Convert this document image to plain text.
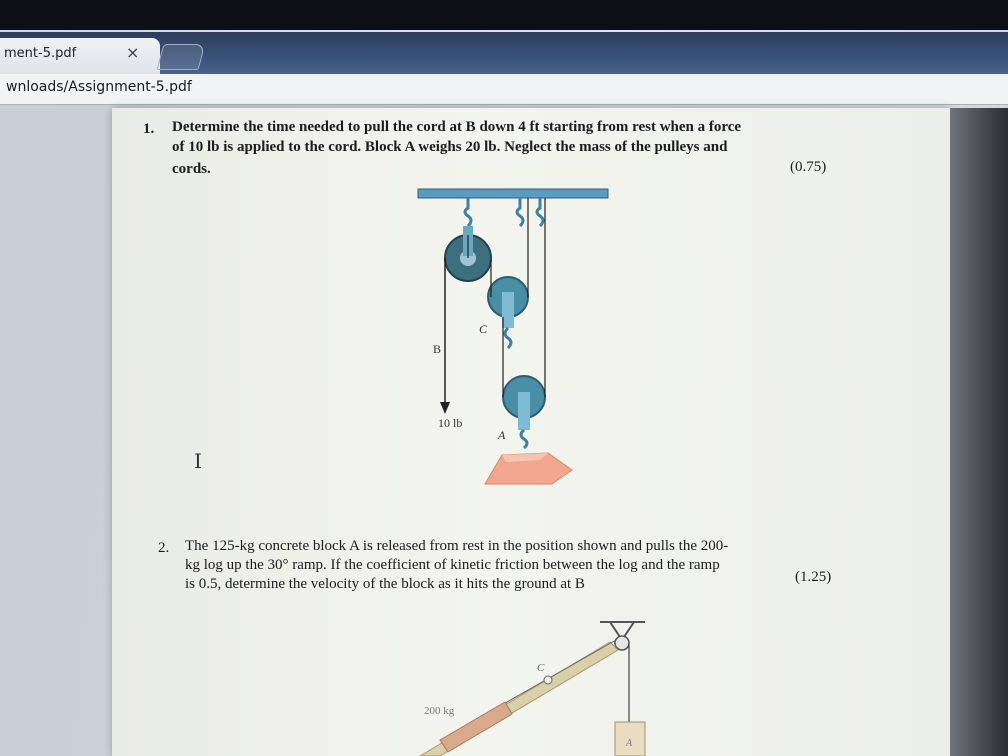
ment-5.pdf	×
wnloads/Assignment-5.pdf
1. Determine the time needed to pull the cord at B down 4 ft starting from rest when a force
of 10 lb is applied to the cord. Block A weighs 20 lb. Neglect the mass of the pulleys and
cords.	(0.75)
B
C
10 lb
A
I
2. The 125-kg concrete block A is released from rest in the position shown and pulls the 200-
kg log up the 30° ramp. If the coefficient of kinetic friction between the log and the ramp
is 0.5, determine the velocity of the block as it hits the ground at B	(1.25)
C
200 kg
A
